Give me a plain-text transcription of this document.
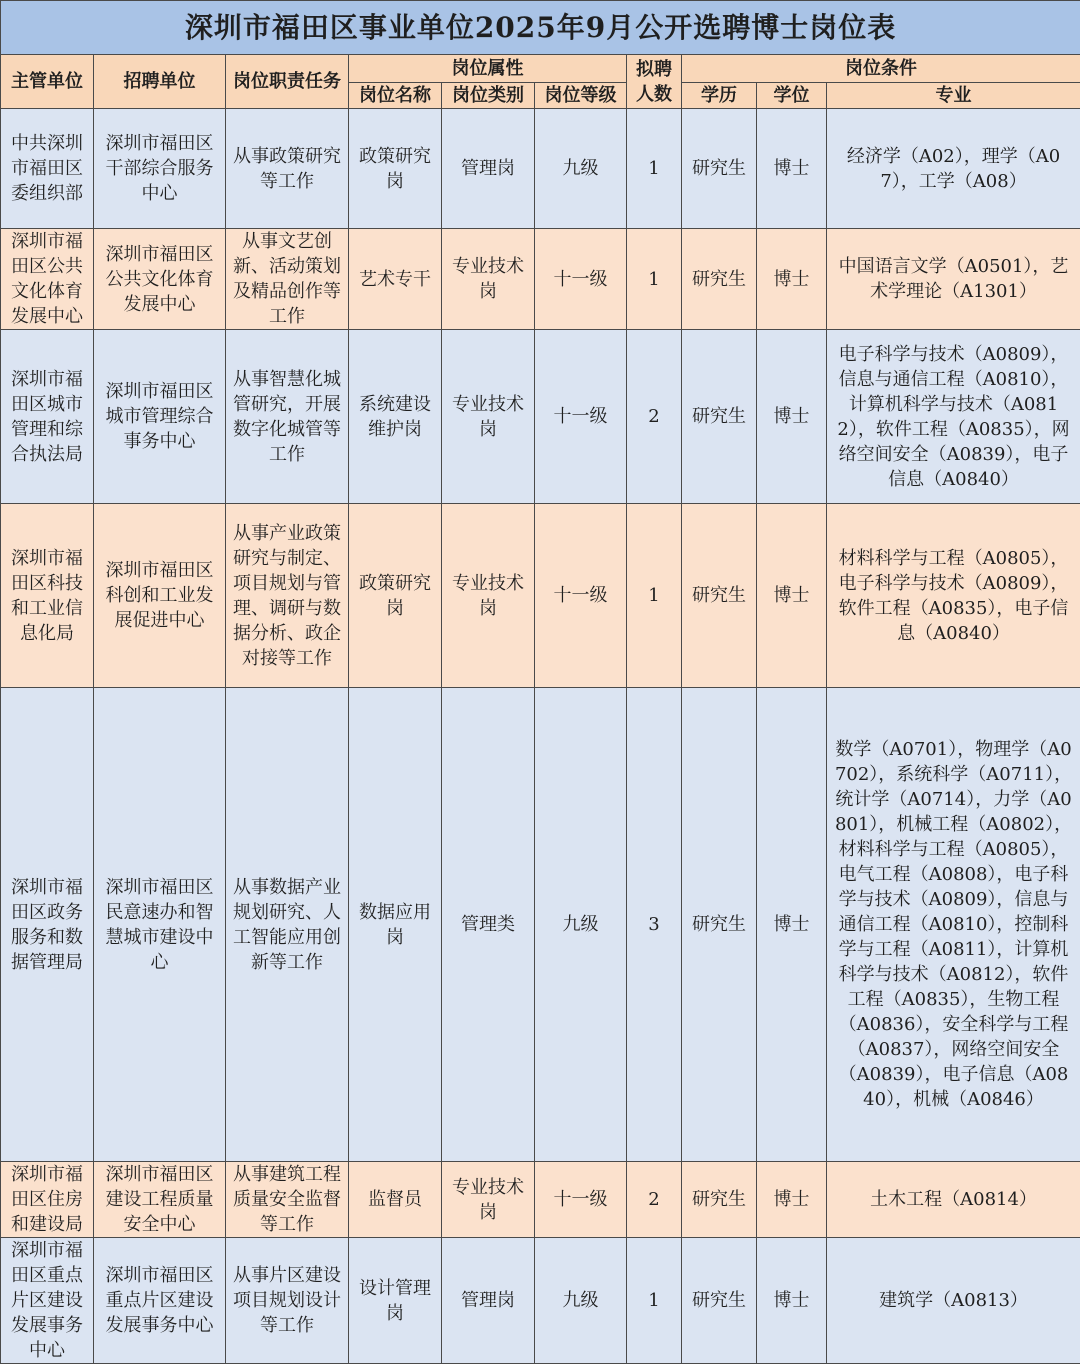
深圳市福田区事业单位2025年9月公开选聘博士岗位表									
主管单位	招聘单位	岗位职责任务	岗位属性			拟聘人数	岗位条件		
			岗位名称	岗位类别	岗位等级		学历	学位	专业
中共深圳市福田区委组织部	深圳市福田区干部综合服务中心	从事政策研究等工作	政策研究岗	管理岗	九级	1	研究生	博士	经济学（A02），理学（A07），工学（A08）
深圳市福田区公共文化体育发展中心	深圳市福田区公共文化体育发展中心	从事文艺创新、活动策划及精品创作等工作	艺术专干	专业技术岗	十一级	1	研究生	博士	中国语言文学（A0501），艺术学理论（A1301）
深圳市福田区城市管理和综合执法局	深圳市福田区城市管理综合事务中心	从事智慧化城管研究，开展数字化城管等工作	系统建设维护岗	专业技术岗	十一级	2	研究生	博士	电子科学与技术（A0809），信息与通信工程（A0810），计算机科学与技术（A0812），软件工程（A0835），网络空间安全（A0839），电子信息（A0840）
深圳市福田区科技和工业信息化局	深圳市福田区科创和工业发展促进中心	从事产业政策研究与制定、项目规划与管理、调研与数据分析、政企对接等工作	政策研究岗	专业技术岗	十一级	1	研究生	博士	材料科学与工程（A0805），电子科学与技术（A0809），软件工程（A0835），电子信息（A0840）
深圳市福田区政务服务和数据管理局	深圳市福田区民意速办和智慧城市建设中心	从事数据产业规划研究、人工智能应用创新等工作	数据应用岗	管理类	九级	3	研究生	博士	数学（A0701），物理学（A0702），系统科学（A0711），统计学（A0714），力学（A0801），机械工程（A0802），材料科学与工程（A0805），电气工程（A0808），电子科学与技术（A0809），信息与通信工程（A0810），控制科学与工程（A0811），计算机科学与技术（A0812），软件工程（A0835），生物工程（A0836），安全科学与工程（A0837），网络空间安全（A0839），电子信息（A0840），机械（A0846）
深圳市福田区住房和建设局	深圳市福田区建设工程质量安全中心	从事建筑工程质量安全监督等工作	监督员	专业技术岗	十一级	2	研究生	博士	土木工程（A0814）
深圳市福田区重点片区建设发展事务中心	深圳市福田区重点片区建设发展事务中心	从事片区建设项目规划设计等工作	设计管理岗	管理岗	九级	1	研究生	博士	建筑学（A0813）
